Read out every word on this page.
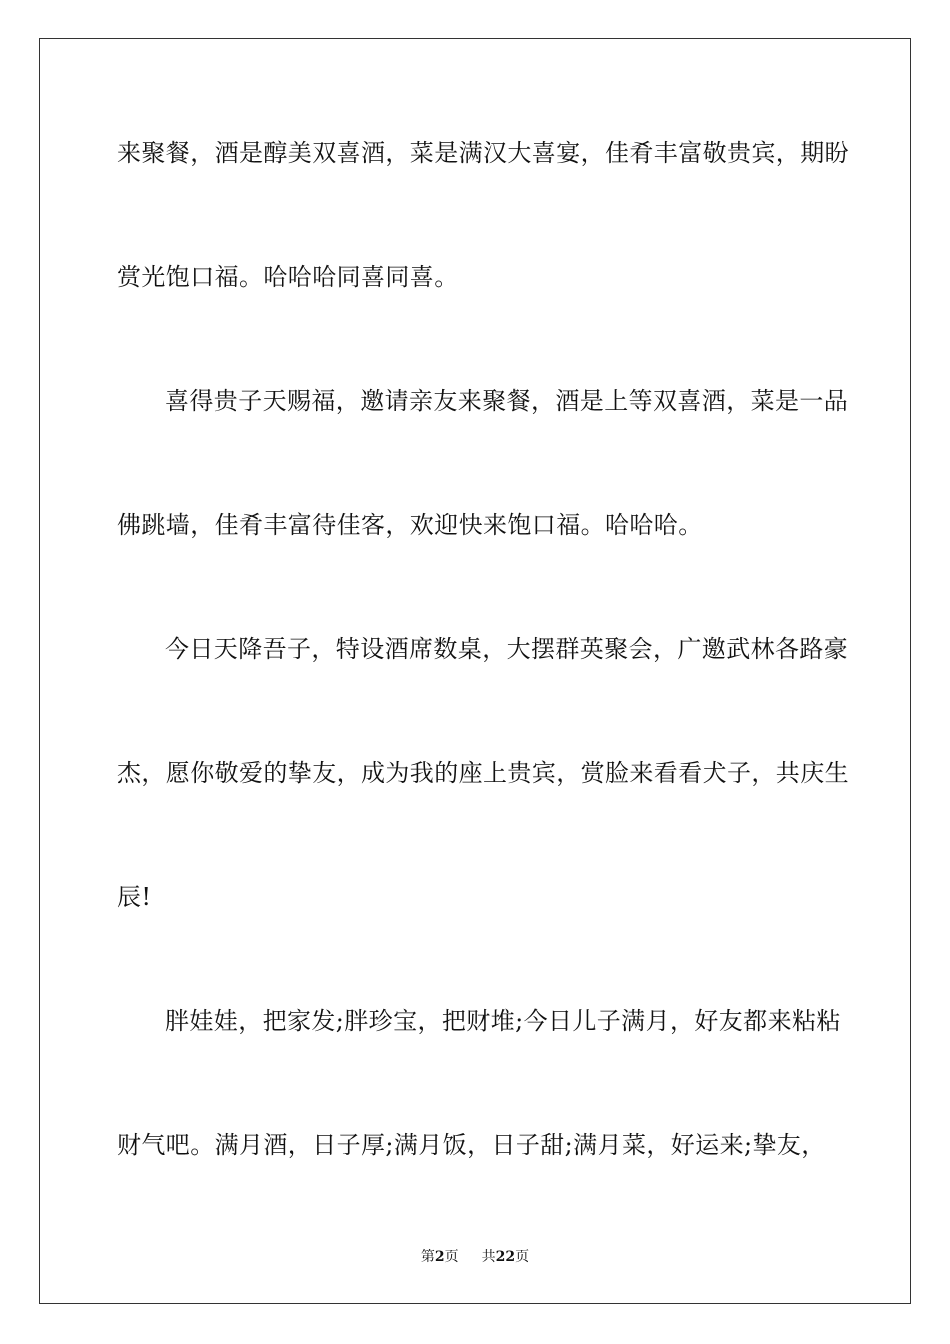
来聚餐，酒是醇美双喜酒，菜是满汉大喜宴，佳肴丰富敬贵宾，期盼
赏光饱口福。哈哈哈同喜同喜。
喜得贵子天赐福，邀请亲友来聚餐，酒是上等双喜酒，菜是一品
佛跳墙，佳肴丰富待佳客，欢迎快来饱口福。哈哈哈。
今日天降吾子，特设酒席数桌，大摆群英聚会，广邀武林各路豪
杰，愿你敬爱的挚友，成为我的座上贵宾，赏脸来看看犬子，共庆生
辰!
胖娃娃，把家发;胖珍宝，把财堆;今日儿子满月，好友都来粘粘
财气吧。满月酒，日子厚;满月饭，日子甜;满月菜，好运来;挚友，
第2页 共22页
